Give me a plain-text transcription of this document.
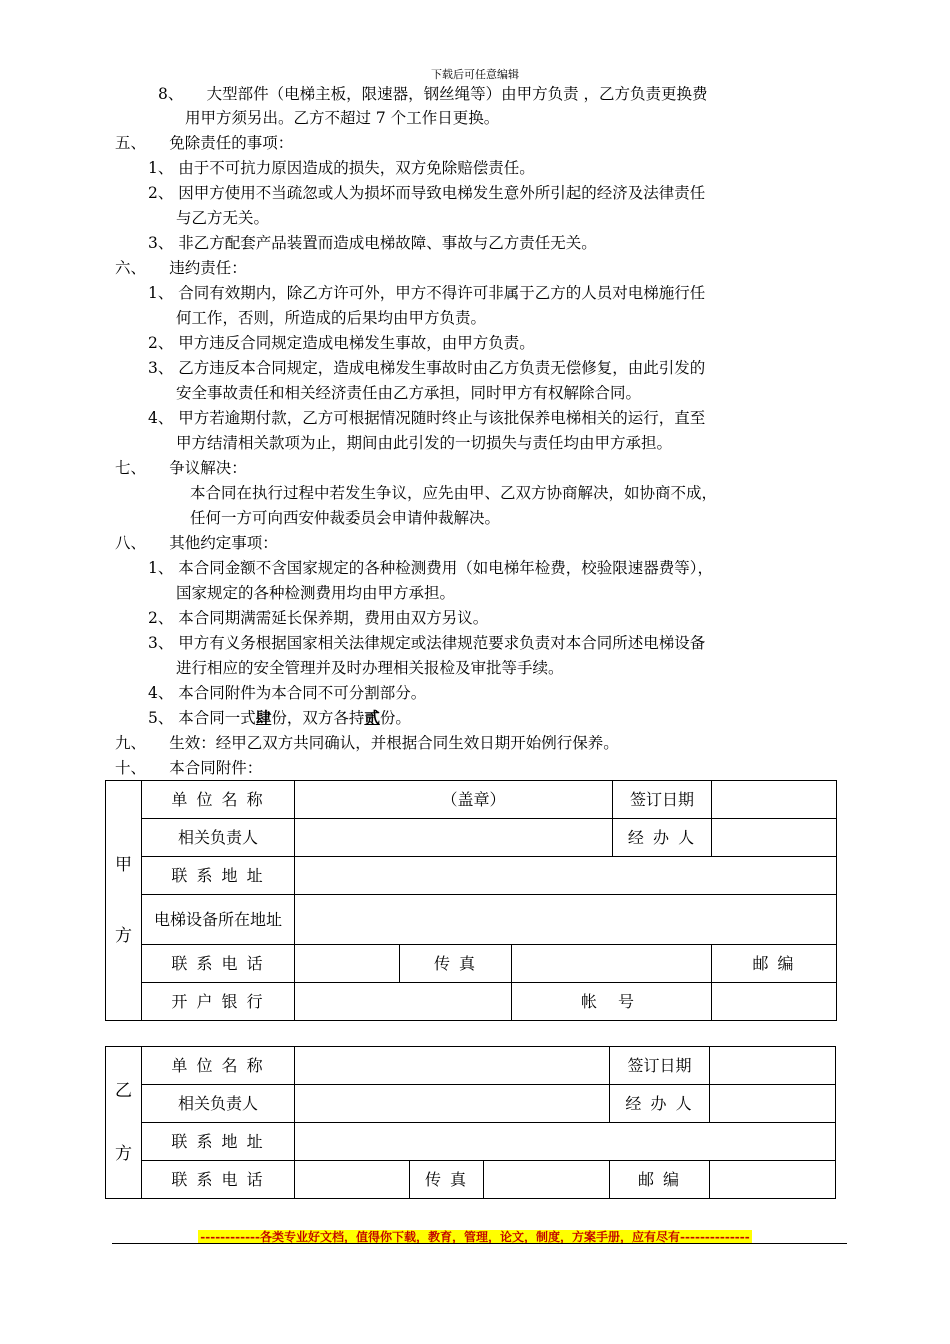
下载后可任意编辑
8、　　大型部件（电梯主板，限速器，钢丝绳等）由甲方负责 ，乙方负责更换费
用甲方须另出。乙方不超过 7 个工作日更换。
五、　　免除责任的事项：
1、 由于不可抗力原因造成的损失，双方免除赔偿责任。
2、 因甲方使用不当疏忽或人为损坏而导致电梯发生意外所引起的经济及法律责任
与乙方无关。
3、 非乙方配套产品装置而造成电梯故障、事故与乙方责任无关。
六、　　违约责任：
1、 合同有效期内，除乙方许可外，甲方不得许可非属于乙方的人员对电梯施行任
何工作，否则，所造成的后果均由甲方负责。
2、 甲方违反合同规定造成电梯发生事故，由甲方负责。
3、 乙方违反本合同规定，造成电梯发生事故时由乙方负责无偿修复，由此引发的
安全事故责任和相关经济责任由乙方承担，同时甲方有权解除合同。
4、 甲方若逾期付款，乙方可根据情况随时终止与该批保养电梯相关的运行，直至
甲方结清相关款项为止，期间由此引发的一切损失与责任均由甲方承担。
七、　　争议解决：
本合同在执行过程中若发生争议，应先由甲、乙双方协商解决，如协商不成，
任何一方可向西安仲裁委员会申请仲裁解决。
八、　　其他约定事项：
1、 本合同金额不含国家规定的各种检测费用（如电梯年检费，校验限速器费等），
国家规定的各种检测费用均由甲方承担。
2、 本合同期满需延长保养期，费用由双方另议。
3、 甲方有义务根据国家相关法律规定或法律规范要求负责对本合同所述电梯设备
进行相应的安全管理并及时办理相关报检及审批等手续。
4、 本合同附件为本合同不可分割部分。
5、 本合同一式肆份，双方各持贰份。
九、　　生效：经甲乙双方共同确认，并根据合同生效日期开始例行保养。
十、　　本合同附件：
甲
方	单 位 名 称	（盖章）			签订日期	
	相关负责人				经 办 人	
	联 系 地 址					
	电梯设备所在地址					
	联 系 电 话		传 真			邮 编
	开 户 银 行			帐 号		
乙
方	单 位 名 称				签订日期	
	相关负责人				经 办 人	
	联 系 地 址					
	联 系 电 话		传 真		邮 编	
------------各类专业好文档，值得你下载，教育，管理，论文，制度，方案手册，应有尽有--------------
